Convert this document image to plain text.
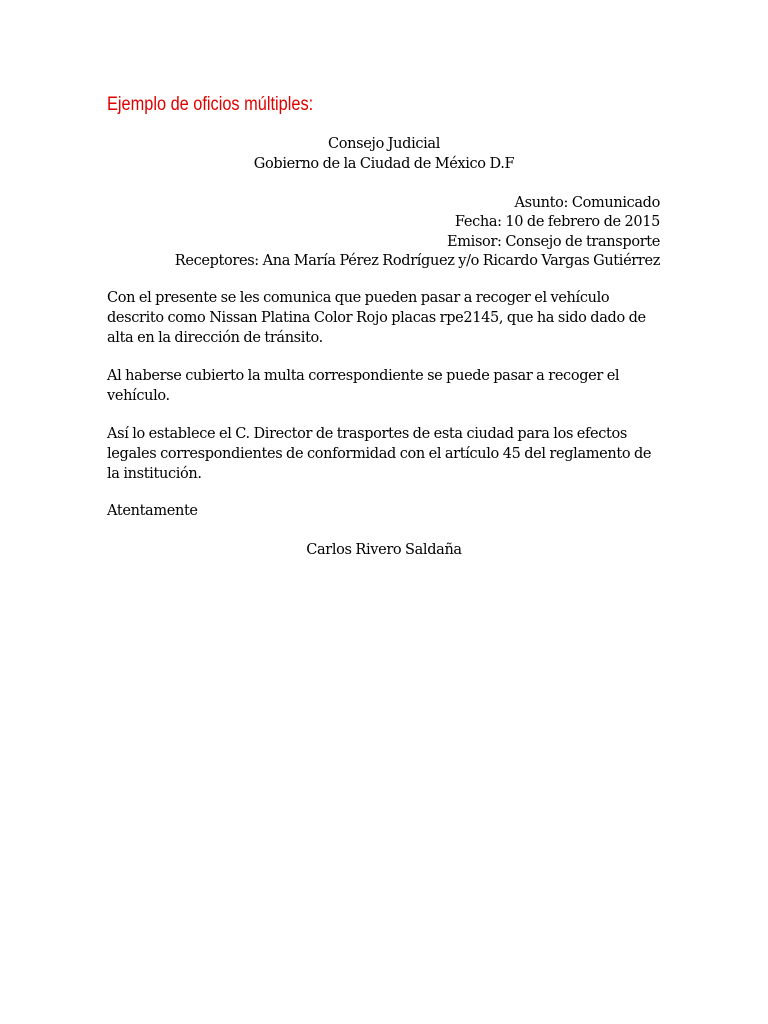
Ejemplo de oficios múltiples:
Consejo Judicial
Gobierno de la Ciudad de México D.F
Asunto: Comunicado
Fecha: 10 de febrero de 2015
Emisor: Consejo de transporte
Receptores: Ana María Pérez Rodríguez y/o Ricardo Vargas Gutiérrez
Con el presente se les comunica que pueden pasar a recoger el vehículo
descrito como Nissan Platina Color Rojo placas rpe2145, que ha sido dado de
alta en la dirección de tránsito.
Al haberse cubierto la multa correspondiente se puede pasar a recoger el
vehículo.
Así lo establece el C. Director de trasportes de esta ciudad para los efectos
legales correspondientes de conformidad con el artículo 45 del reglamento de
la institución.
Atentamente
Carlos Rivero Saldaña
